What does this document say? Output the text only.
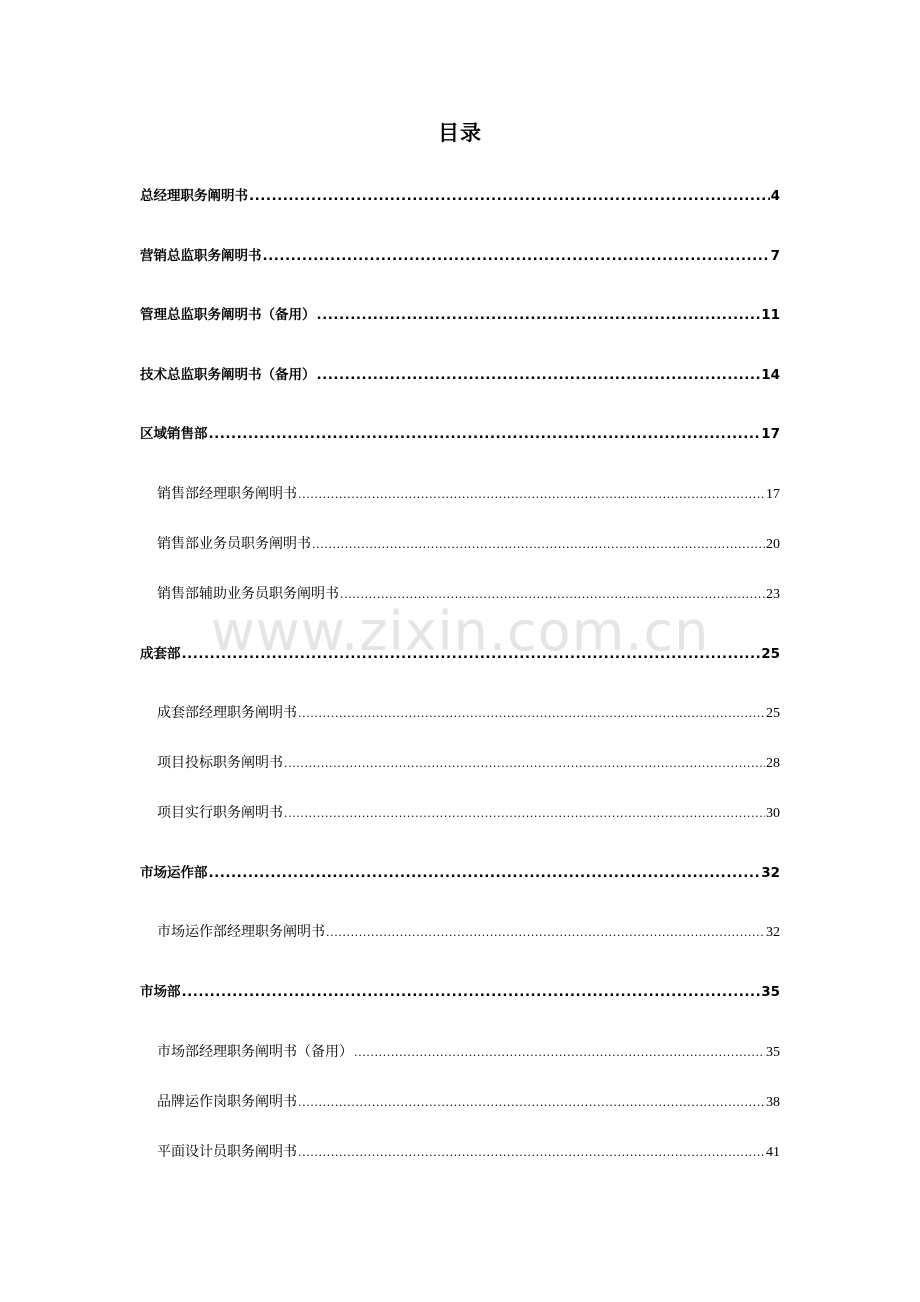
目录
www.zixin.com.cn
总经理职务阐明书 .....	4
营销总监职务阐明书 .....	7
管理总监职务阐明书（备用） .....	11
技术总监职务阐明书（备用） .....	14
区域销售部 .....	17
销售部经理职务阐明书 .....	17
销售部业务员职务阐明书 .....	20
销售部辅助业务员职务阐明书 .....	23
成套部 .....	25
成套部经理职务阐明书 .....	25
项目投标职务阐明书 .....	28
项目实行职务阐明书 .....	30
市场运作部 .....	32
市场运作部经理职务阐明书 .....	32
市场部 .....	35
市场部经理职务阐明书（备用） .....	35
品牌运作岗职务阐明书 .....	38
平面设计员职务阐明书 .....	41
